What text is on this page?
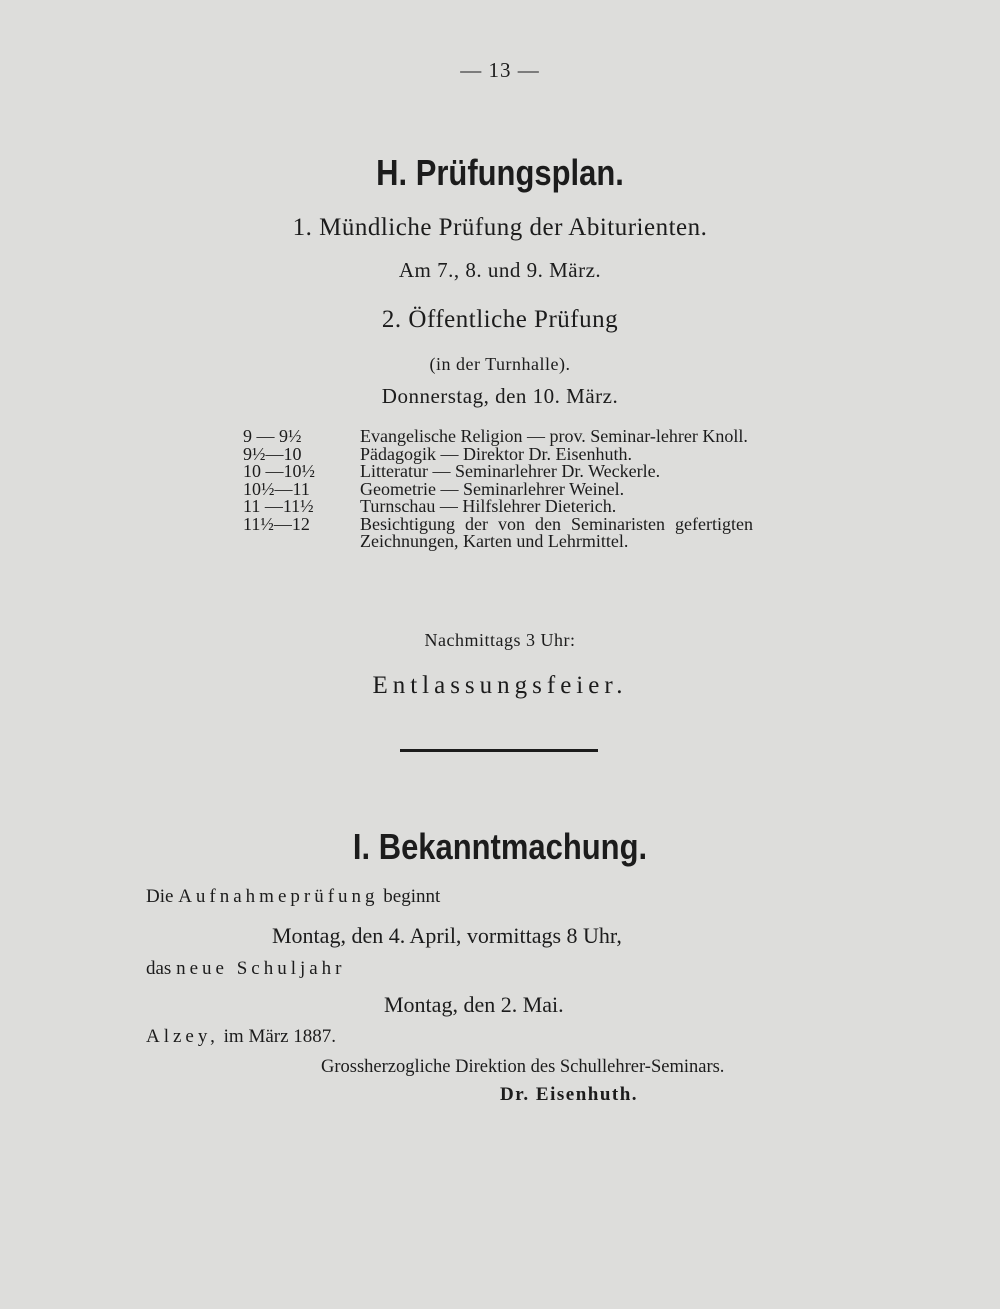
— 13 —
H. Prüfungsplan.
1. Mündliche Prüfung der Abiturienten.
Am 7., 8. und 9. März.
2. Öffentliche Prüfung
(in der Turnhalle).
Donnerstag, den 10. März.
9 — 9½	Evangelische Religion — prov. Seminar-lehrer Knoll.
9½—10	Pädagogik — Direktor Dr. Eisenhuth.
10 —10½	Litteratur — Seminarlehrer Dr. Weckerle.
10½—11	Geometrie — Seminarlehrer Weinel.
11 —11½	Turnschau — Hilfslehrer Dieterich.
11½—12	Besichtigung der von den Seminaristen gefertigten Zeichnungen, Karten und Lehrmittel.
Nachmittags 3 Uhr:
Entlassungsfeier.
I. Bekanntmachung.
Die Aufnahmeprüfung beginnt
Montag, den 4. April, vormittags 8 Uhr,
das neue Schuljahr
Montag, den 2. Mai.
Alzey, im März 1887.
Grossherzogliche Direktion des Schullehrer-Seminars.
Dr. Eisenhuth.
